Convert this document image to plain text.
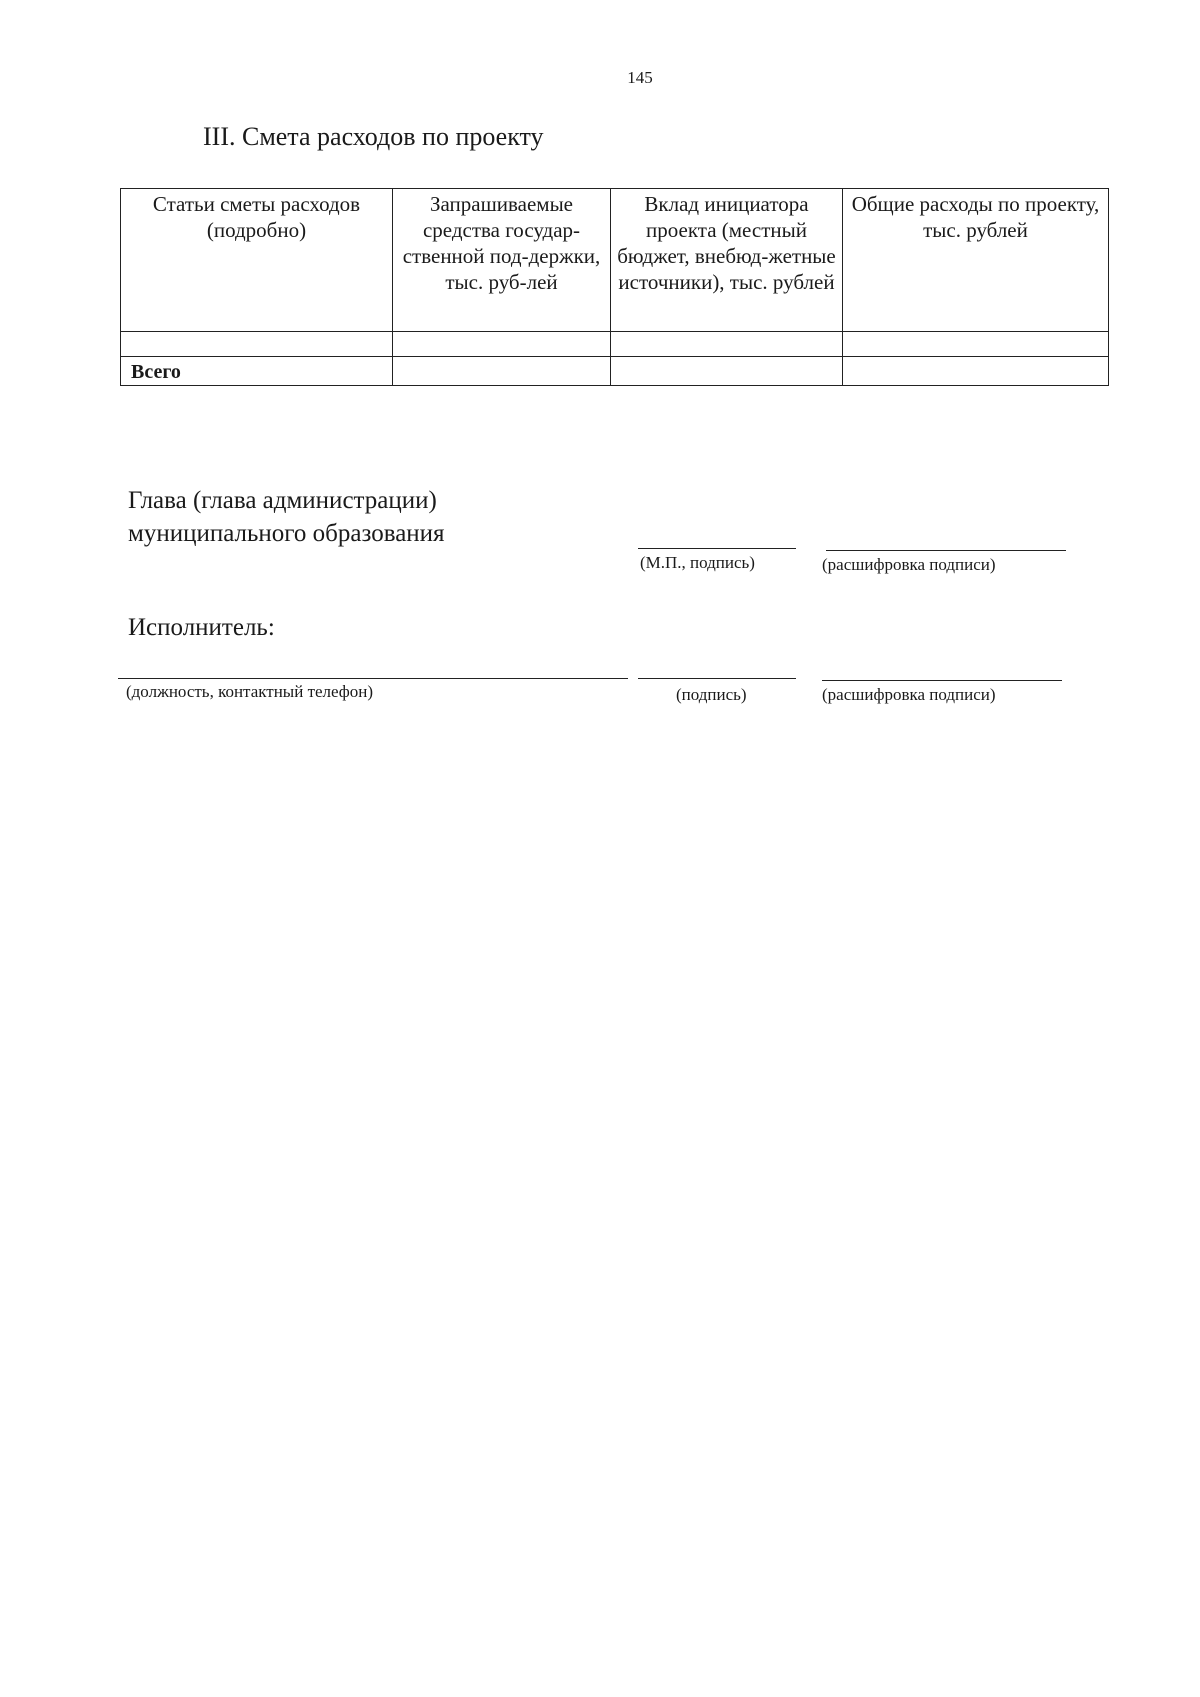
145
III. Смета расходов по проекту
Статьи сметы расходов (подробно)	Запрашиваемые средства государ-ственной под-держки, тыс. руб-лей	Вклад инициатора проекта (местный бюджет, внебюд-жетные источники), тыс. рублей	Общие расходы по проекту, тыс. рублей

Всего			
Глава (глава администрации)
муниципального образования
(М.П., подпись)	(расшифровка подписи)
Исполнитель:
(должность, контактный телефон)	(подпись)	(расшифровка подписи)
